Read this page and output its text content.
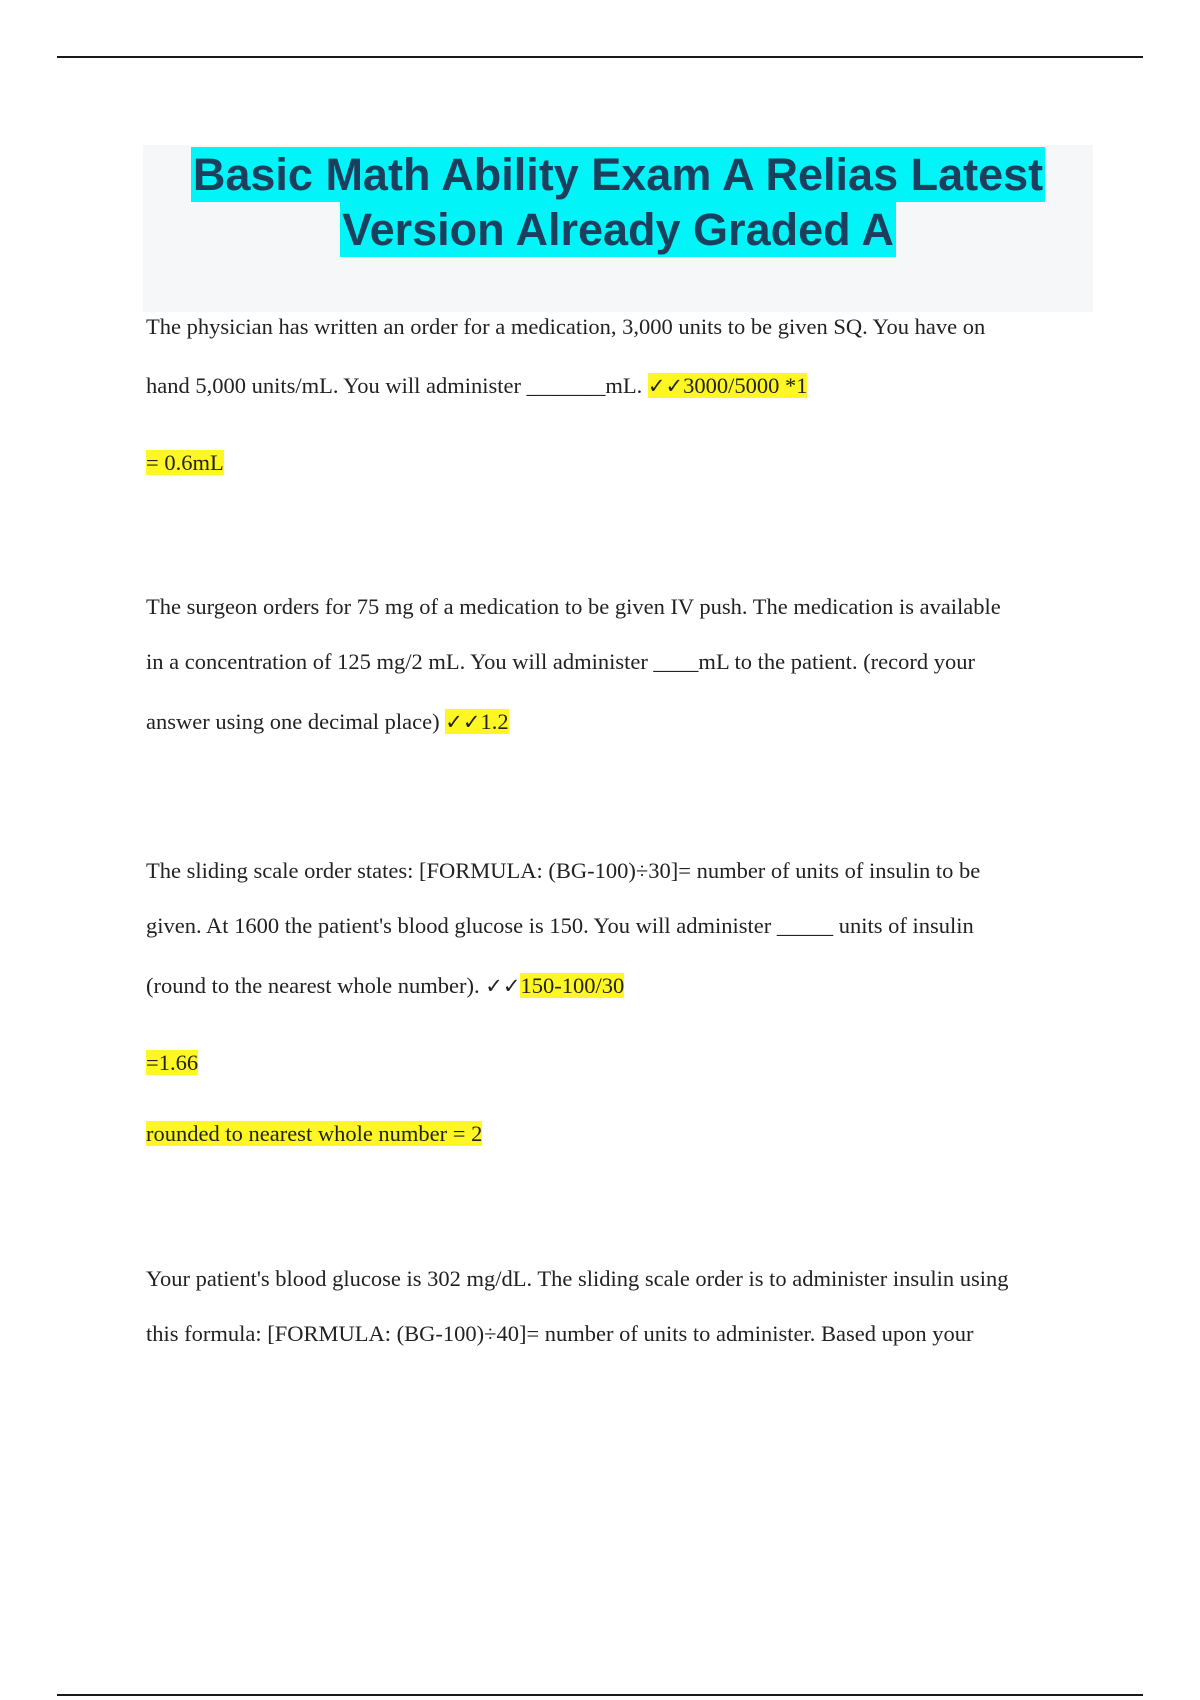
Basic Math Ability Exam A Relias Latest
Version Already Graded A

The physician has written an order for a medication, 3,000 units to be given SQ. You have on

hand 5,000 units/mL. You will administer _______mL. ✓✓3000/5000 *1

= 0.6mL

The surgeon orders for 75 mg of a medication to be given IV push. The medication is available

in a concentration of 125 mg/2 mL. You will administer ____mL to the patient. (record your

answer using one decimal place) ✓✓1.2

The sliding scale order states: [FORMULA: (BG-100)÷30]= number of units of insulin to be

given. At 1600 the patient's blood glucose is 150. You will administer _____ units of insulin

(round to the nearest whole number). ✓✓150-100/30

=1.66

rounded to nearest whole number = 2

Your patient's blood glucose is 302 mg/dL. The sliding scale order is to administer insulin using

this formula: [FORMULA: (BG-100)÷40]= number of units to administer. Based upon your
